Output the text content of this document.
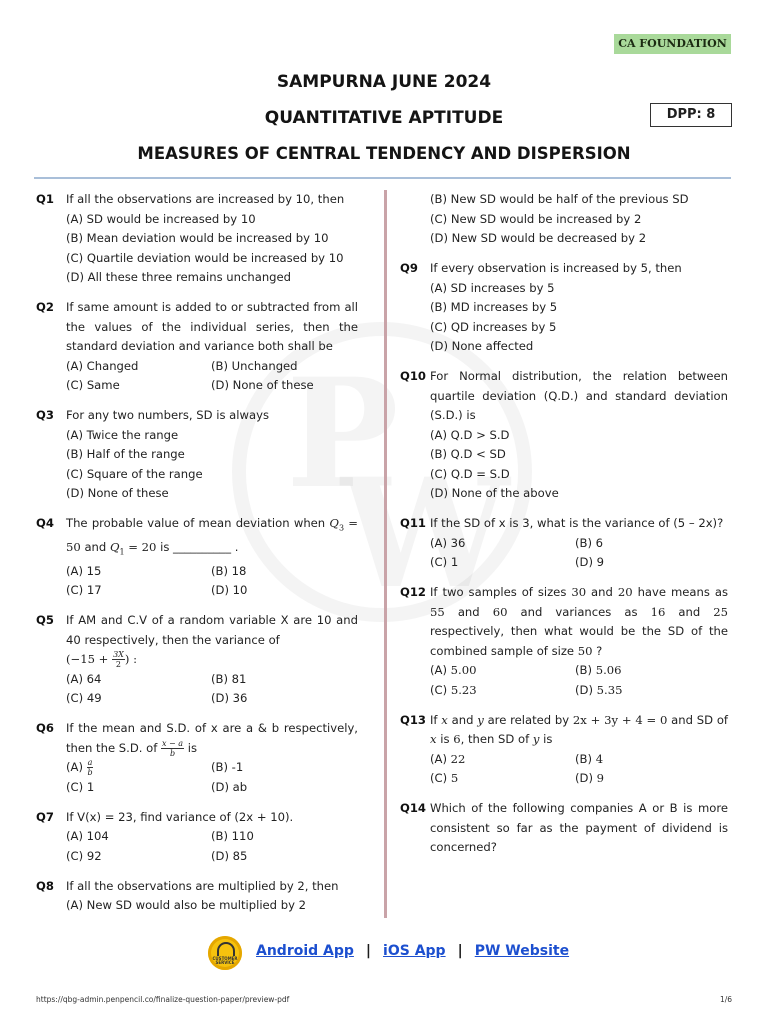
CA FOUNDATION
SAMPURNA JUNE 2024
QUANTITATIVE APTITUDE	DPP: 8
MEASURES OF CENTRAL TENDENCY AND DISPERSION
Q1	If all the observations are increased by 10, then
(A) SD would be increased by 10
(B) Mean deviation would be increased by 10
(C) Quartile deviation would be increased by 10
(D) All these three remains unchanged
Q2	If same amount is added to or subtracted from all the values of the individual series, then the standard deviation and variance both shall be
(A) Changed	(B) Unchanged
(C) Same	(D) None of these
Q3	For any two numbers, SD is always
(A) Twice the range
(B) Half of the range
(C) Square of the range
(D) None of these
Q4	The probable value of mean deviation when $Q_3 = 50$ and $Q_1 = 20$ is __________ .
(A) 15	(B) 18
(C) 17	(D) 10
Q5	If AM and C.V of a random variable X are 10 and 40 respectively, then the variance of
($-15 + \frac{3X}{2}$ ) :
(A) 64	(B) 81
(C) 49	(D) 36
Q6	If the mean and S.D. of x are a & b respectively, then the S.D. of $\frac{x - a}{b}$ is
$(A) \frac{a}{b}$	(B) -1
(C) 1	(D) ab
Q7	If V(x) = 23, find variance of (2x + 10).
(A) 104	(B) 110
(C) 92	(D) 85
Q8	If all the observations are multiplied by 2, then
(A) New SD would also be multiplied by 2
(B) New SD would be half of the previous SD
(C) New SD would be increased by 2
(D) New SD would be decreased by 2
Q9	If every observation is increased by 5, then
(A) SD increases by 5
(B) MD increases by 5
(C) QD increases by 5
(D) None affected
Q10 For Normal distribution, the relation between quartile deviation (Q.D.) and standard deviation (S.D.) is
(A) Q.D > S.D
(B) Q.D < SD
(C) Q.D = S.D
(D) None of the above
Q11 If the SD of x is 3, what is the variance of (5 – 2x)?
(A) 36	(B) 6
(C) 1	(D) 9
Q12 If two samples of sizes 30 and 20 have means as 55 and 60 and variances as 16 and 25 respectively, then what would be the SD of the combined sample of size 50 ?
(A) 5.00	(B) 5.06
(C) 5.23	(D) 5.35
Q13 If x and y are related by 2x + 3y + 4 = 0 and SD of x is 6, then SD of y is
(A) 22	(B) 4
(C) 5	(D) 9
Q14 Which of the following companies A or B is more consistent so far as the payment of dividend is concerned?
CUSTOMER SERVICE
Android App | iOS App | PW Website
https://qbg-admin.penpencil.co/finalize-question-paper/preview-pdf	1/6
